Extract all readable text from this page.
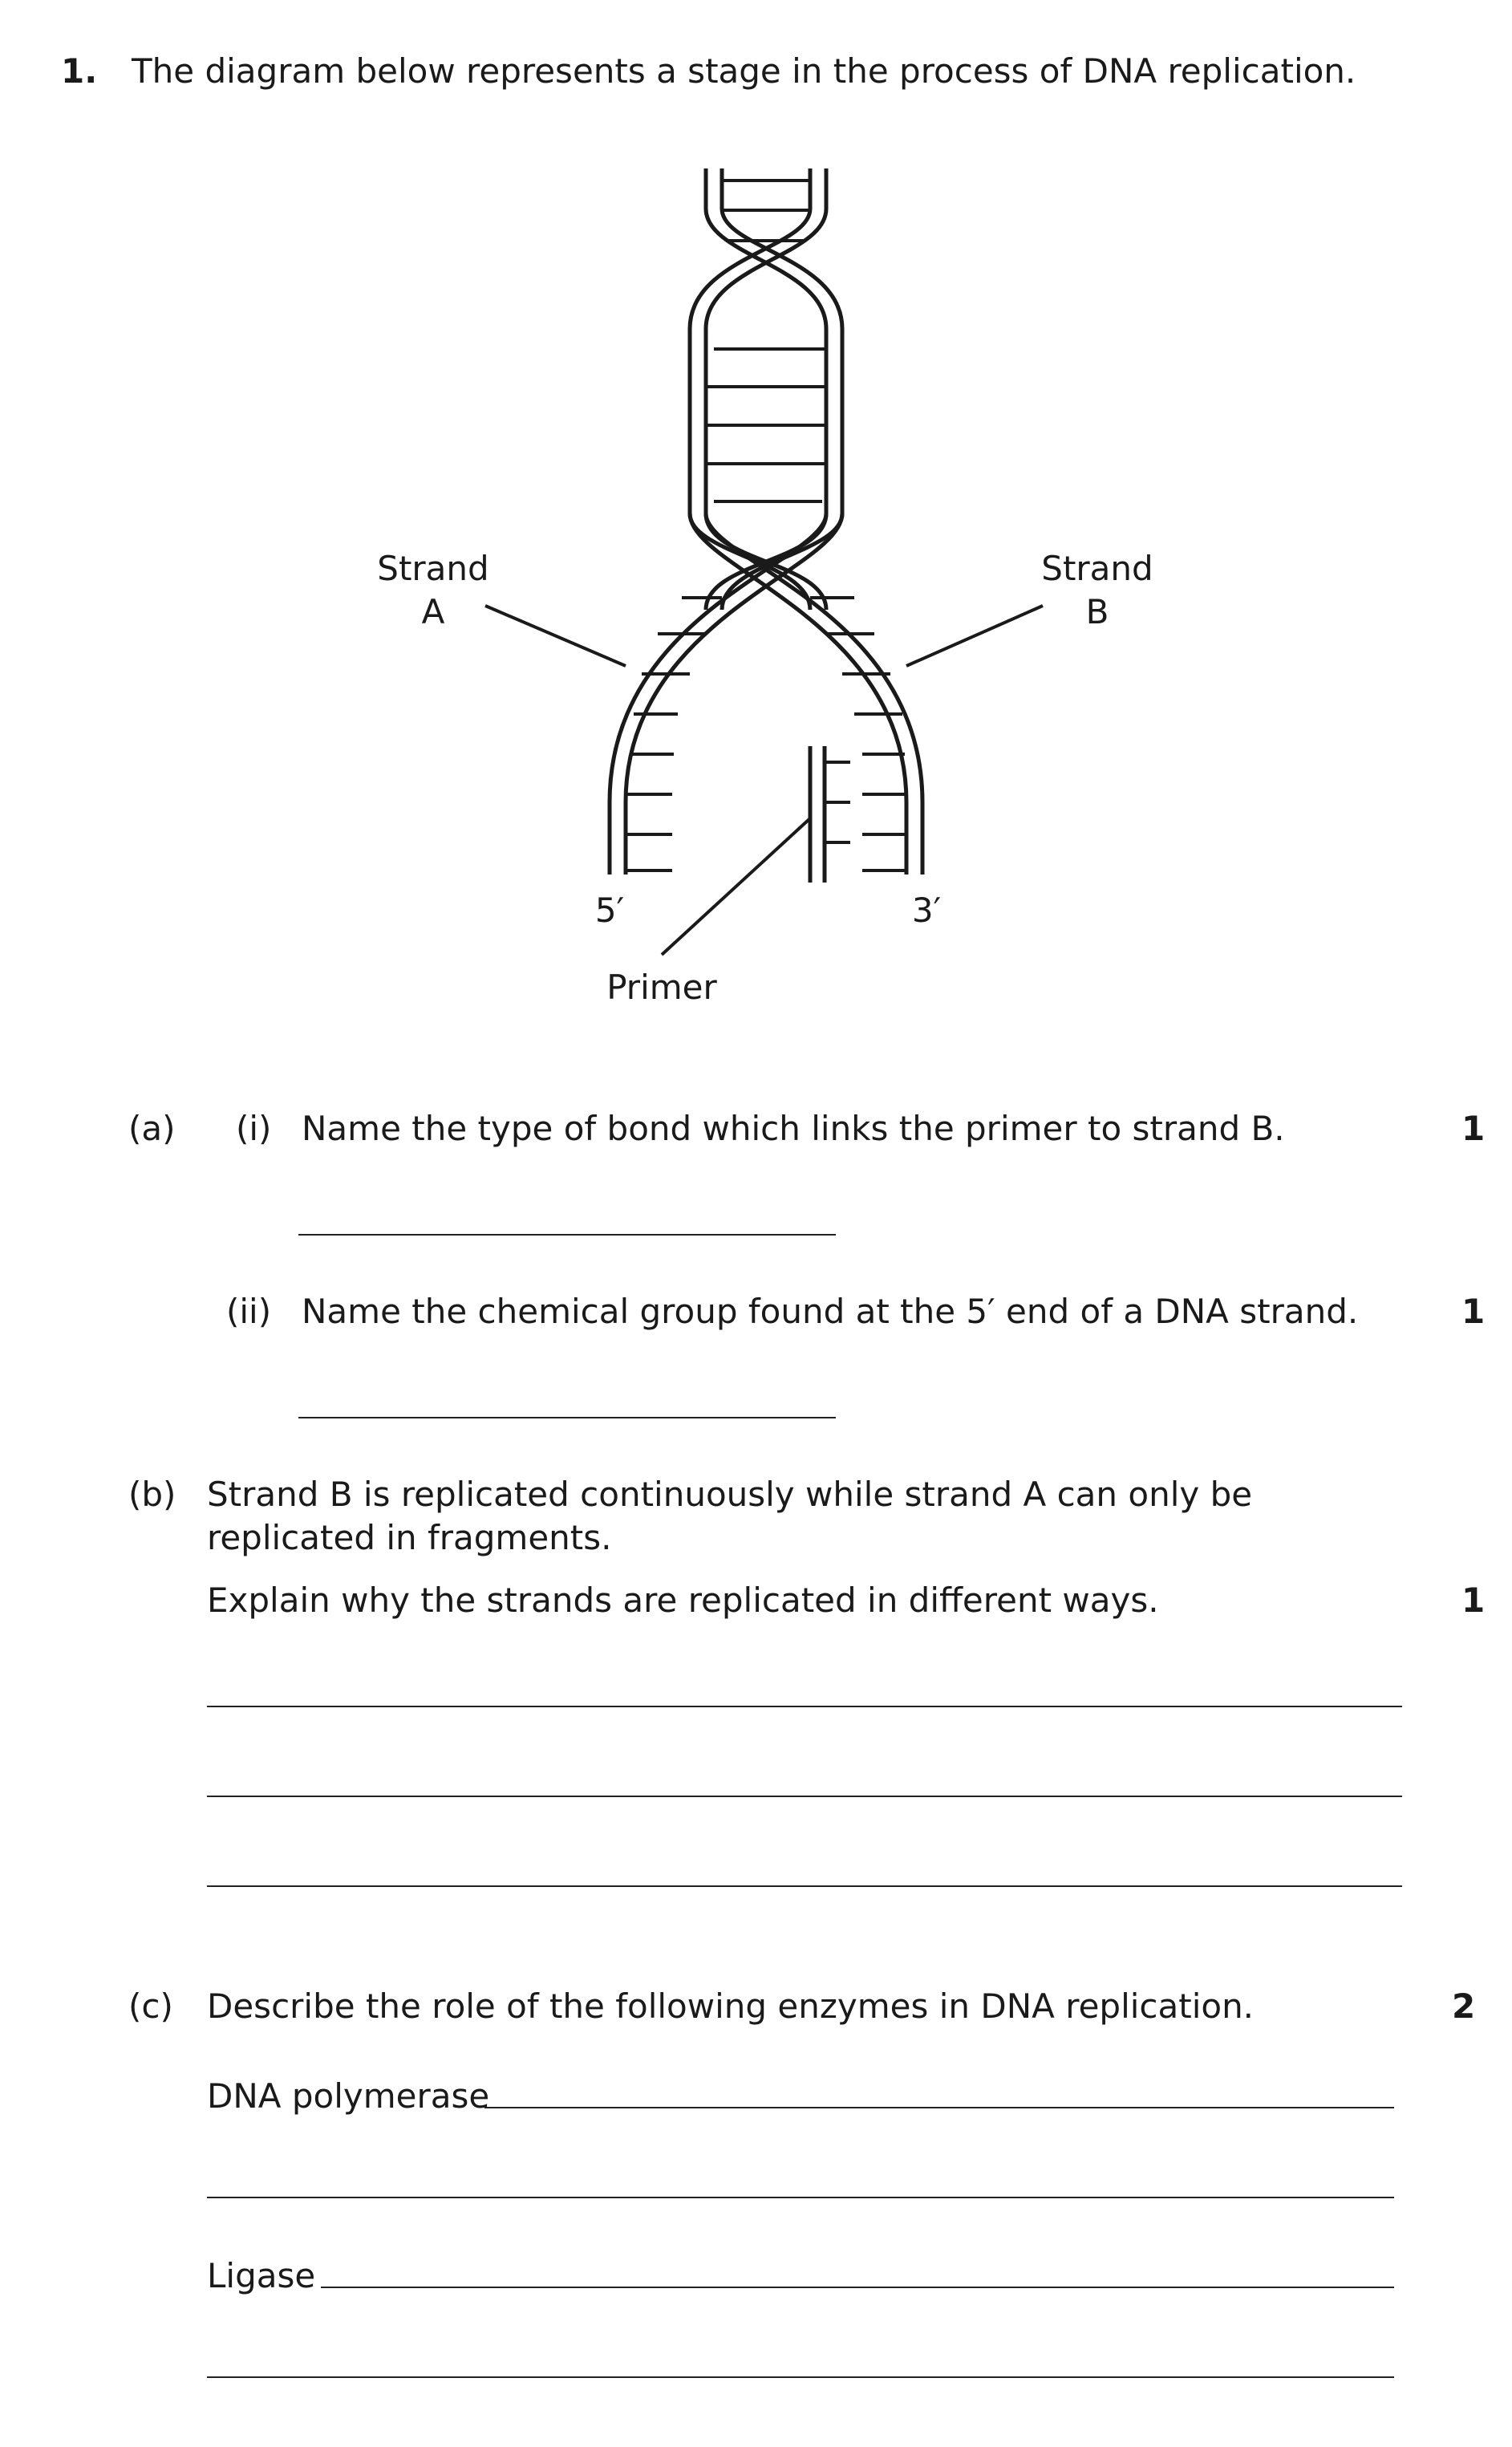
1. The diagram below represents a stage in the process of DNA replication.
Strand
A
Strand
B
5′	3′
Primer
(a) (i) Name the type of bond which links the primer to strand B.	1
(ii) Name the chemical group found at the 5′ end of a DNA strand.	1
(b) Strand B is replicated continuously while strand A can only be replicated in fragments.
Explain why the strands are replicated in different ways.	1
(c) Describe the role of the following enzymes in DNA replication.	2
DNA polymerase
Ligase
